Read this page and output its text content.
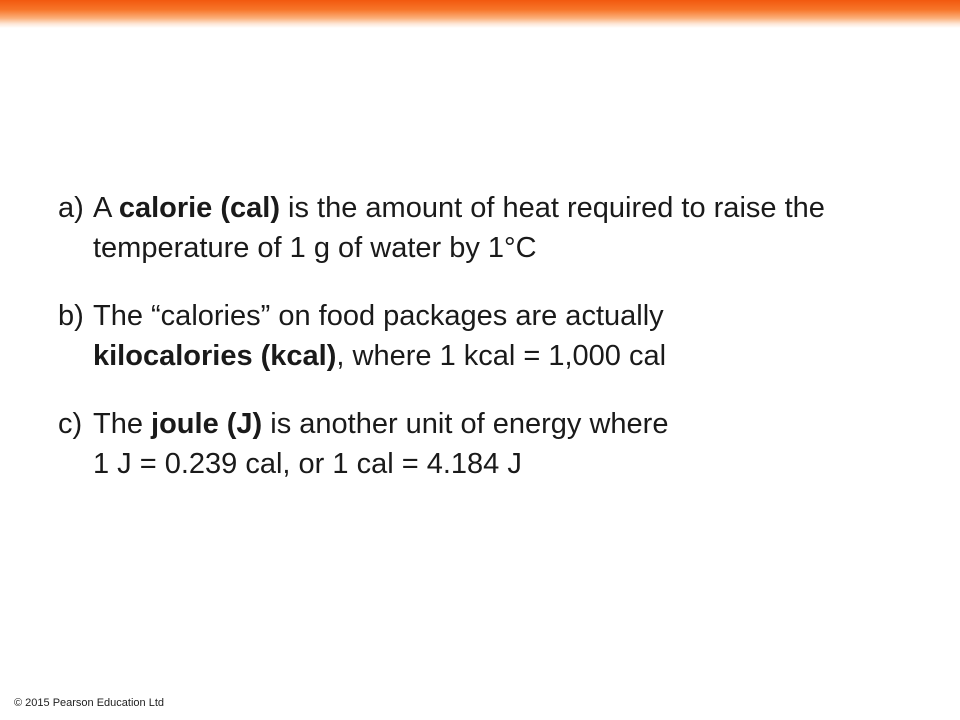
a) A calorie (cal) is the amount of heat required to raise the temperature of 1 g of water by 1°C
b) The “calories” on food packages are actually
kilocalories (kcal), where 1 kcal = 1,000 cal
c) The joule (J) is another unit of energy where
1 J = 0.239 cal, or 1 cal = 4.184 J
© 2015 Pearson Education Ltd
